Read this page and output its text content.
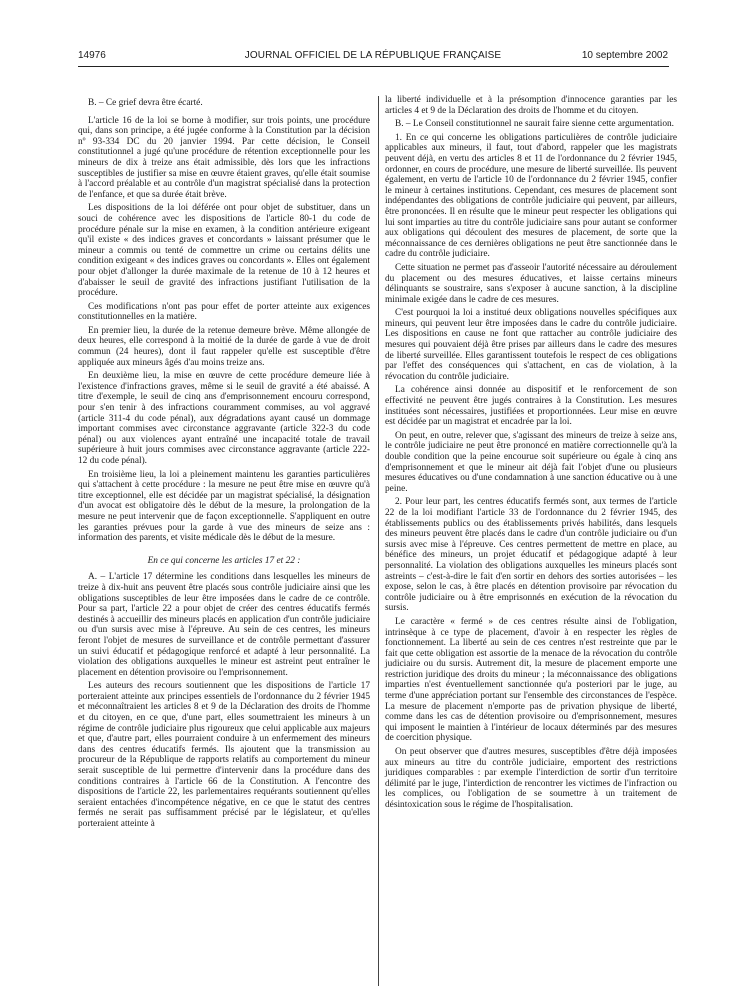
14976	JOURNAL OFFICIEL DE LA RÉPUBLIQUE FRANÇAISE	10 septembre 2002

B. – Ce grief devra être écarté.

L'article 16 de la loi se borne à modifier, sur trois points, une procédure qui, dans son principe, a été jugée conforme à la Constitution par la décision nº 93-334 DC du 20 janvier 1994. Par cette décision, le Conseil constitutionnel a jugé qu'une procédure de rétention exceptionnelle pour les mineurs de dix à treize ans était admissible, dès lors que les infractions susceptibles de justifier sa mise en œuvre étaient graves, qu'elle était soumise à l'accord préalable et au contrôle d'un magistrat spécialisé dans la protection de l'enfance, et que sa durée était brève.

Les dispositions de la loi déférée ont pour objet de substituer, dans un souci de cohérence avec les dispositions de l'article 80-1 du code de procédure pénale sur la mise en examen, à la condition antérieure exigeant qu'il existe « des indices graves et concordants » laissant présumer que le mineur a commis ou tenté de commettre un crime ou certains délits une condition exigeant « des indices graves ou concordants ». Elles ont également pour objet d'allonger la durée maximale de la retenue de 10 à 12 heures et d'abaisser le seuil de gravité des infractions justifiant l'utilisation de la procédure.

Ces modifications n'ont pas pour effet de porter atteinte aux exigences constitutionnelles en la matière.

En premier lieu, la durée de la retenue demeure brève. Même allongée de deux heures, elle correspond à la moitié de la durée de garde à vue de droit commun (24 heures), dont il faut rappeler qu'elle est susceptible d'être appliquée aux mineurs âgés d'au moins treize ans.

En deuxième lieu, la mise en œuvre de cette procédure demeure liée à l'existence d'infractions graves, même si le seuil de gravité a été abaissé. A titre d'exemple, le seuil de cinq ans d'emprisonnement encouru correspond, pour s'en tenir à des infractions couramment commises, au vol aggravé (article 311-4 du code pénal), aux dégradations ayant causé un dommage important commises avec circonstance aggravante (article 322-3 du code pénal) ou aux violences ayant entraîné une incapacité totale de travail supérieure à huit jours commises avec circonstance aggravante (article 222-12 du code pénal).

En troisième lieu, la loi a pleinement maintenu les garanties particulières qui s'attachent à cette procédure : la mesure ne peut être mise en œuvre qu'à titre exceptionnel, elle est décidée par un magistrat spécialisé, la désignation d'un avocat est obligatoire dès le début de la mesure, la prolongation de la mesure ne peut intervenir que de façon exceptionnelle. S'appliquent en outre les garanties prévues pour la garde à vue des mineurs de seize ans : information des parents, et visite médicale dès le début de la mesure.

En ce qui concerne les articles 17 et 22 :

A. – L'article 17 détermine les conditions dans lesquelles les mineurs de treize à dix-huit ans peuvent être placés sous contrôle judiciaire ainsi que les obligations susceptibles de leur être imposées dans le cadre de ce contrôle. Pour sa part, l'article 22 a pour objet de créer des centres éducatifs fermés destinés à accueillir des mineurs placés en application d'un contrôle judiciaire ou d'un sursis avec mise à l'épreuve. Au sein de ces centres, les mineurs feront l'objet de mesures de surveillance et de contrôle permettant d'assurer un suivi éducatif et pédagogique renforcé et adapté à leur personnalité. La violation des obligations auxquelles le mineur est astreint peut entraîner le placement en détention provisoire ou l'emprisonnement.

Les auteurs des recours soutiennent que les dispositions de l'article 17 porteraient atteinte aux principes essentiels de l'ordonnance du 2 février 1945 et méconnaîtraient les articles 8 et 9 de la Déclaration des droits de l'homme et du citoyen, en ce que, d'une part, elles soumettraient les mineurs à un régime de contrôle judiciaire plus rigoureux que celui applicable aux majeurs et que, d'autre part, elles pourraient conduire à un enfermement des mineurs dans des centres éducatifs fermés. Ils ajoutent que la transmission au procureur de la République de rapports relatifs au comportement du mineur serait susceptible de lui permettre d'intervenir dans la procédure dans des conditions contraires à l'article 66 de la Constitution. A l'encontre des dispositions de l'article 22, les parlementaires requérants soutiennent qu'elles seraient entachées d'incompétence négative, en ce que le statut des centres fermés ne serait pas suffisamment précisé par le législateur, et qu'elles porteraient atteinte à

la liberté individuelle et à la présomption d'innocence garanties par les articles 4 et 9 de la Déclaration des droits de l'homme et du citoyen.

B. – Le Conseil constitutionnel ne saurait faire sienne cette argumentation.

1. En ce qui concerne les obligations particulières de contrôle judiciaire applicables aux mineurs, il faut, tout d'abord, rappeler que les magistrats peuvent déjà, en vertu des articles 8 et 11 de l'ordonnance du 2 février 1945, ordonner, en cours de procédure, une mesure de liberté surveillée. Ils peuvent également, en vertu de l'article 10 de l'ordonnance du 2 février 1945, confier le mineur à certaines institutions. Cependant, ces mesures de placement sont indépendantes des obligations de contrôle judiciaire qui peuvent, par ailleurs, être prononcées. Il en résulte que le mineur peut respecter les obligations qui lui sont imparties au titre du contrôle judiciaire sans pour autant se conformer aux obligations qui découlent des mesures de placement, de sorte que la méconnaissance de ces dernières obligations ne peut être sanctionnée dans le cadre du contrôle judiciaire.

Cette situation ne permet pas d'asseoir l'autorité nécessaire au déroulement du placement ou des mesures éducatives, et laisse certains mineurs délinquants se soustraire, sans s'exposer à aucune sanction, à la discipline minimale exigée dans le cadre de ces mesures.

C'est pourquoi la loi a institué deux obligations nouvelles spécifiques aux mineurs, qui peuvent leur être imposées dans le cadre du contrôle judiciaire. Les dispositions en cause ne font que rattacher au contrôle judiciaire des mesures qui pouvaient déjà être prises par ailleurs dans le cadre des mesures de liberté surveillée. Elles garantissent toutefois le respect de ces obligations par l'effet des conséquences qui s'attachent, en cas de violation, à la révocation du contrôle judiciaire.

La cohérence ainsi donnée au dispositif et le renforcement de son effectivité ne peuvent être jugés contraires à la Constitution. Les mesures instituées sont nécessaires, justifiées et proportionnées. Leur mise en œuvre est décidée par un magistrat et encadrée par la loi.

On peut, en outre, relever que, s'agissant des mineurs de treize à seize ans, le contrôle judiciaire ne peut être prononcé en matière correctionnelle qu'à la double condition que la peine encourue soit supérieure ou égale à cinq ans d'emprisonnement et que le mineur ait déjà fait l'objet d'une ou plusieurs mesures éducatives ou d'une condamnation à une sanction éducative ou à une peine.

2. Pour leur part, les centres éducatifs fermés sont, aux termes de l'article 22 de la loi modifiant l'article 33 de l'ordonnance du 2 février 1945, des établissements publics ou des établissements privés habilités, dans lesquels des mineurs peuvent être placés dans le cadre d'un contrôle judiciaire ou d'un sursis avec mise à l'épreuve. Ces centres permettent de mettre en place, au bénéfice des mineurs, un projet éducatif et pédagogique adapté à leur personnalité. La violation des obligations auxquelles les mineurs placés sont astreints – c'est-à-dire le fait d'en sortir en dehors des sorties autorisées – les expose, selon le cas, à être placés en détention provisoire par révocation du contrôle judiciaire ou à être emprisonnés en exécution de la révocation du sursis.

Le caractère « fermé » de ces centres résulte ainsi de l'obligation, intrinsèque à ce type de placement, d'avoir à en respecter les règles de fonctionnement. La liberté au sein de ces centres n'est restreinte que par le fait que cette obligation est assortie de la menace de la révocation du contrôle judiciaire ou du sursis. Autrement dit, la mesure de placement emporte une restriction juridique des droits du mineur ; la méconnaissance des obligations imparties n'est éventuellement sanctionnée qu'a posteriori par le juge, au terme d'une appréciation portant sur l'ensemble des circonstances de l'espèce. La mesure de placement n'emporte pas de privation physique de liberté, comme dans les cas de détention provisoire ou d'emprisonnement, mesures qui imposent le maintien à l'intérieur de locaux déterminés par des mesures de coercition physique.

On peut observer que d'autres mesures, susceptibles d'être déjà imposées aux mineurs au titre du contrôle judiciaire, emportent des restrictions juridiques comparables : par exemple l'interdiction de sortir d'un territoire délimité par le juge, l'interdiction de rencontrer les victimes de l'infraction ou les complices, ou l'obligation de se soumettre à un traitement de désintoxication sous le régime de l'hospitalisation.
